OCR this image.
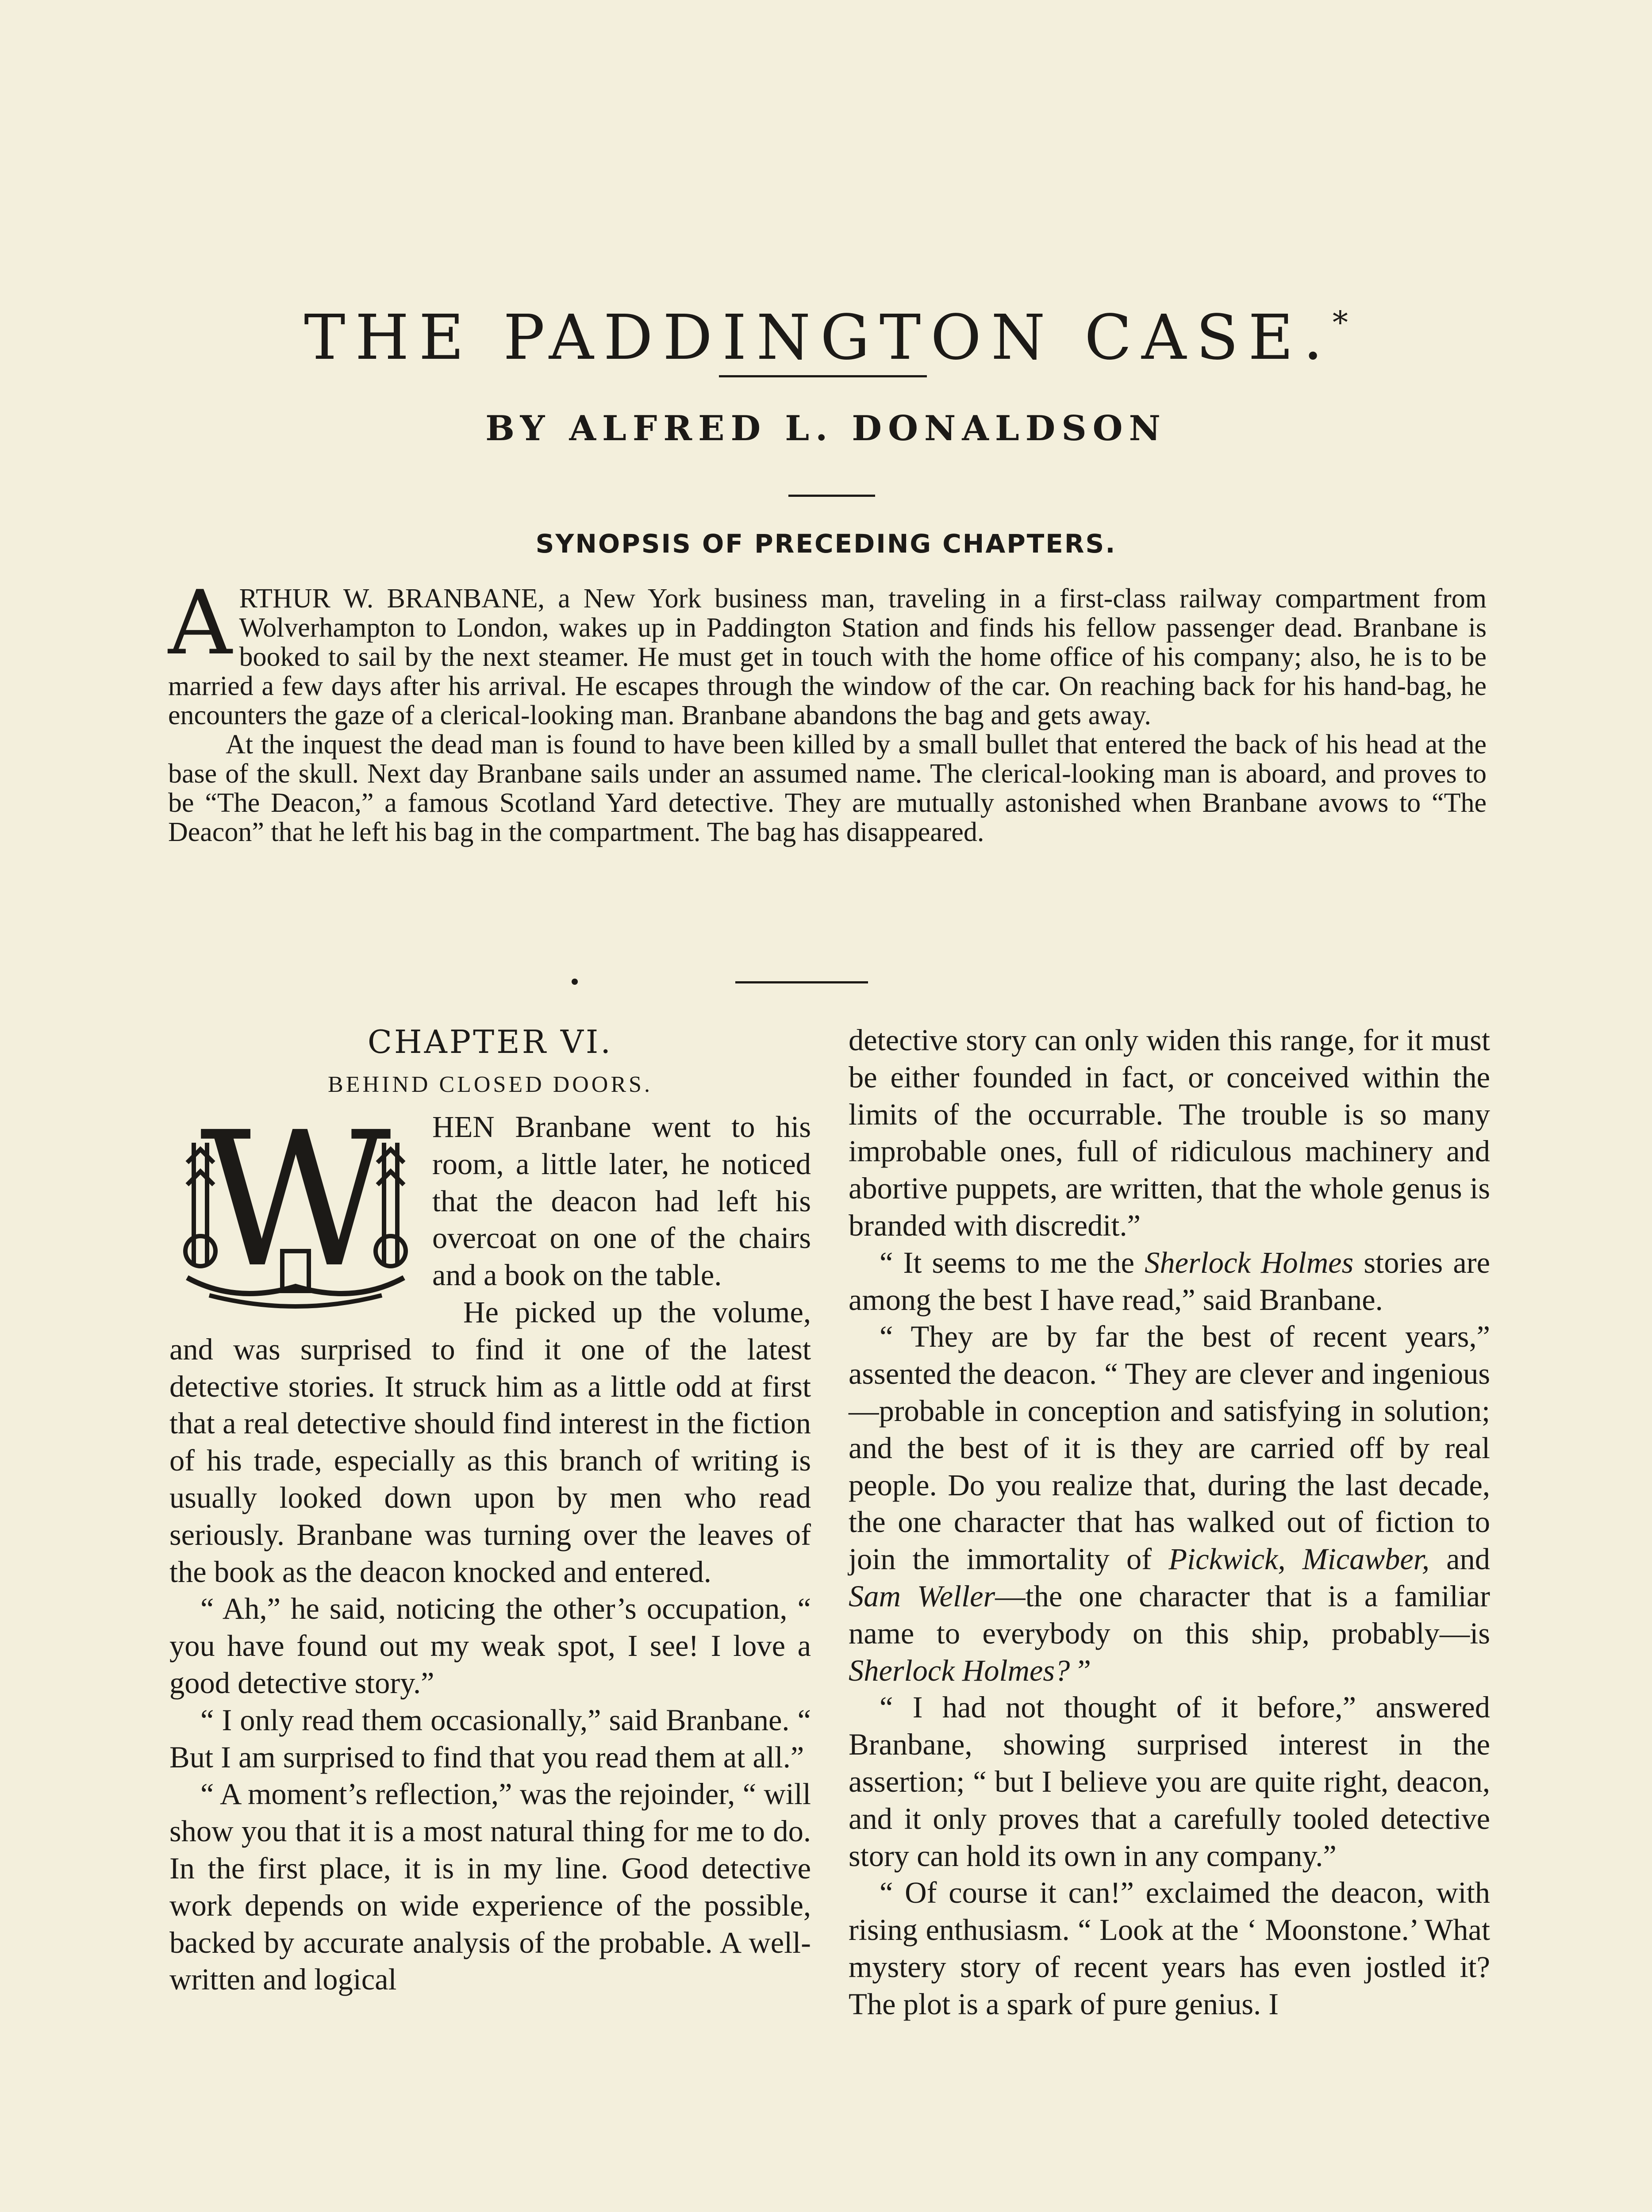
THE PADDINGTON CASE.*
BY ALFRED L. DONALDSON
SYNOPSIS OF PRECEDING CHAPTERS.

ARTHUR W. BRANBANE, a New York business man, traveling in a first-class railway compartment from Wolverhampton to London, wakes up in Paddington Station and finds his fellow passenger dead. Branbane is booked to sail by the next steamer. He must get in touch with the home office of his company; also, he is to be married a few days after his arrival. He escapes through the window of the car. On reaching back for his hand-bag, he encounters the gaze of a clerical-looking man. Branbane abandons the bag and gets away.

At the inquest the dead man is found to have been killed by a small bullet that entered the back of his head at the base of the skull. Next day Branbane sails under an assumed name. The clerical-looking man is aboard, and proves to be “The Deacon,” a famous Scotland Yard detective. They are mutually astonished when Branbane avows to “The Deacon” that he left his bag in the compartment. The bag has disappeared.

CHAPTER VI.
BEHIND CLOSED DOORS.

W HEN Branbane went to his room, a little later, he noticed that the deacon had left his overcoat on one of the chairs and a book on the table.

He picked up the volume, and was surprised to find it one of the latest detective stories. It struck him as a little odd at first that a real detective should find interest in the fiction of his trade, especially as this branch of writing is usually looked down upon by men who read seriously. Branbane was turning over the leaves of the book as the deacon knocked and entered.

“ Ah,” he said, noticing the other’s occupation, “ you have found out my weak spot, I see! I love a good detective story.”

“ I only read them occasionally,” said Branbane. “ But I am surprised to find that you read them at all.”

“ A moment’s reflection,” was the rejoinder, “ will show you that it is a most natural thing for me to do. In the first place, it is in my line. Good detective work depends on wide experience of the possible, backed by accurate analysis of the probable. A well-written and logical

detective story can only widen this range, for it must be either founded in fact, or conceived within the limits of the occurrable. The trouble is so many improbable ones, full of ridiculous machinery and abortive puppets, are written, that the whole genus is branded with discredit.”

“ It seems to me the Sherlock Holmes stories are among the best I have read,” said Branbane.

“ They are by far the best of recent years,” assented the deacon. “ They are clever and ingenious—probable in conception and satisfying in solution; and the best of it is they are carried off by real people. Do you realize that, during the last decade, the one character that has walked out of fiction to join the immortality of Pickwick, Micawber, and Sam Weller—the one character that is a familiar name to everybody on this ship, probably—is Sherlock Holmes? ”

“ I had not thought of it before,” answered Branbane, showing surprised interest in the assertion; “ but I believe you are quite right, deacon, and it only proves that a carefully tooled detective story can hold its own in any company.”

“ Of course it can!” exclaimed the deacon, with rising enthusiasm. “ Look at the ‘ Moonstone.’ What mystery story of recent years has even jostled it? The plot is a spark of pure genius. I
